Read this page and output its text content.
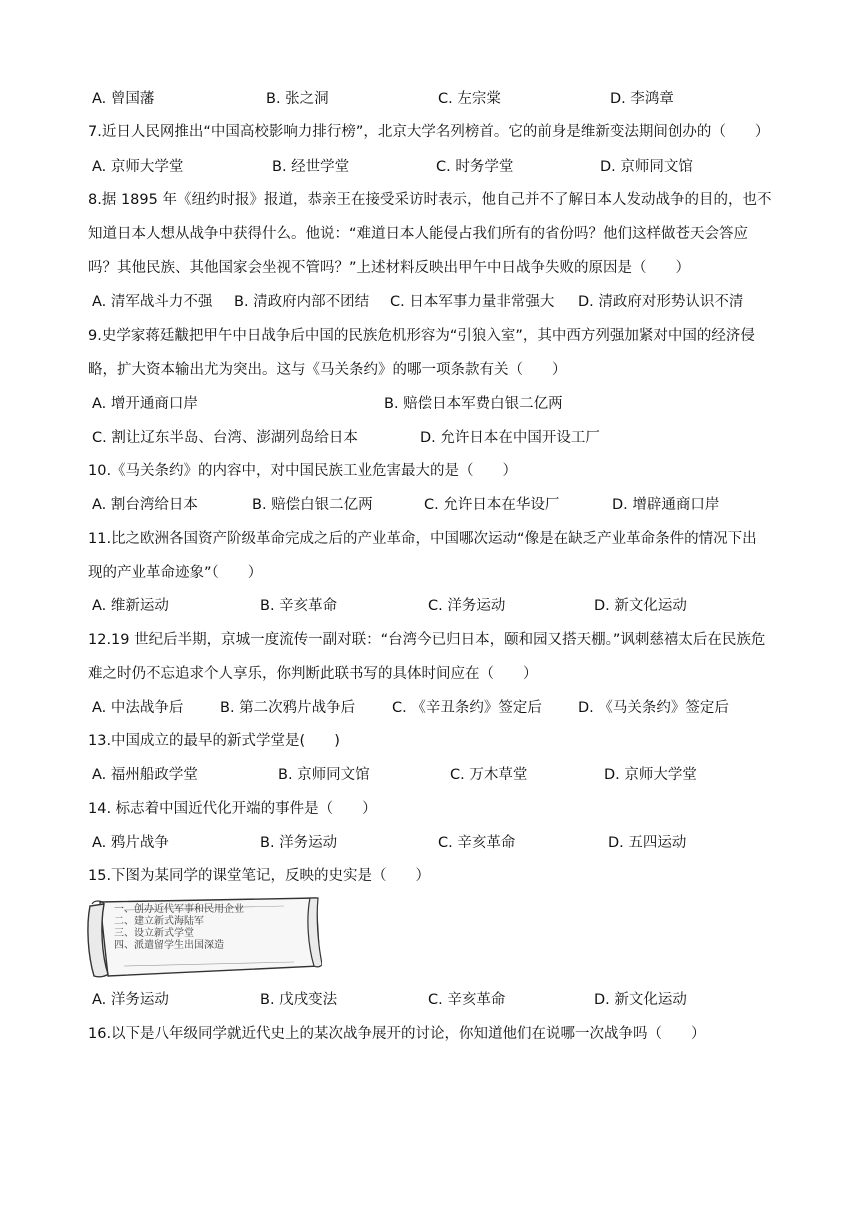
A. 曾国藩	B. 张之洞	C. 左宗棠	D. 李鸿章
7.近日人民网推出“中国高校影响力排行榜”，北京大学名列榜首。它的前身是维新变法期间创办的（　　）
A. 京师大学堂	B. 经世学堂	C. 时务学堂	D. 京师同文馆
8.据 1895 年《纽约时报》报道，恭亲王在接受采访时表示，他自己并不了解日本人发动战争的目的，也不
知道日本人想从战争中获得什么。他说：“难道日本人能侵占我们所有的省份吗？他们这样做苍天会答应
吗？其他民族、其他国家会坐视不管吗？”上述材料反映出甲午中日战争失败的原因是（　　）
A. 清军战斗力不强 B. 清政府内部不团结 C. 日本军事力量非常强大 D. 清政府对形势认识不清
9.史学家蒋廷黻把甲午中日战争后中国的民族危机形容为“引狼入室”，其中西方列强加紧对中国的经济侵
略，扩大资本输出尤为突出。这与《马关条约》的哪一项条款有关（　　）
A. 增开通商口岸	B. 赔偿日本军费白银二亿两
C. 割让辽东半岛、台湾、澎湖列岛给日本	D. 允许日本在中国开设工厂
10.《马关条约》的内容中，对中国民族工业危害最大的是（　　）
A. 割台湾给日本	B. 赔偿白银二亿两	C. 允许日本在华设厂	D. 增辟通商口岸
11.比之欧洲各国资产阶级革命完成之后的产业革命，中国哪次运动“像是在缺乏产业革命条件的情况下出
现的产业革命迹象”（　　）
A. 维新运动	B. 辛亥革命	C. 洋务运动	D. 新文化运动
12.19 世纪后半期，京城一度流传一副对联：“台湾今已归日本，颐和园又搭天棚。”讽刺慈禧太后在民族危
难之时仍不忘追求个人享乐，你判断此联书写的具体时间应在（　　）
A. 中法战争后	B. 第二次鸦片战争后	C. 《辛丑条约》签定后 D. 《马关条约》签定后
13.中国成立的最早的新式学堂是(　　)
A. 福州船政学堂	B. 京师同文馆	C. 万木草堂	D. 京师大学堂
14. 标志着中国近代化开端的事件是（　　）
A. 鸦片战争	B. 洋务运动	C. 辛亥革命	D. 五四运动
15.下图为某同学的课堂笔记，反映的史实是（　　）
一、创办近代军事和民用企业
二、建立新式海陆军
三、设立新式学堂
四、派遣留学生出国深造
A. 洋务运动	B. 戊戌变法	C. 辛亥革命	D. 新文化运动
16.以下是八年级同学就近代史上的某次战争展开的讨论，你知道他们在说哪一次战争吗（　　）
